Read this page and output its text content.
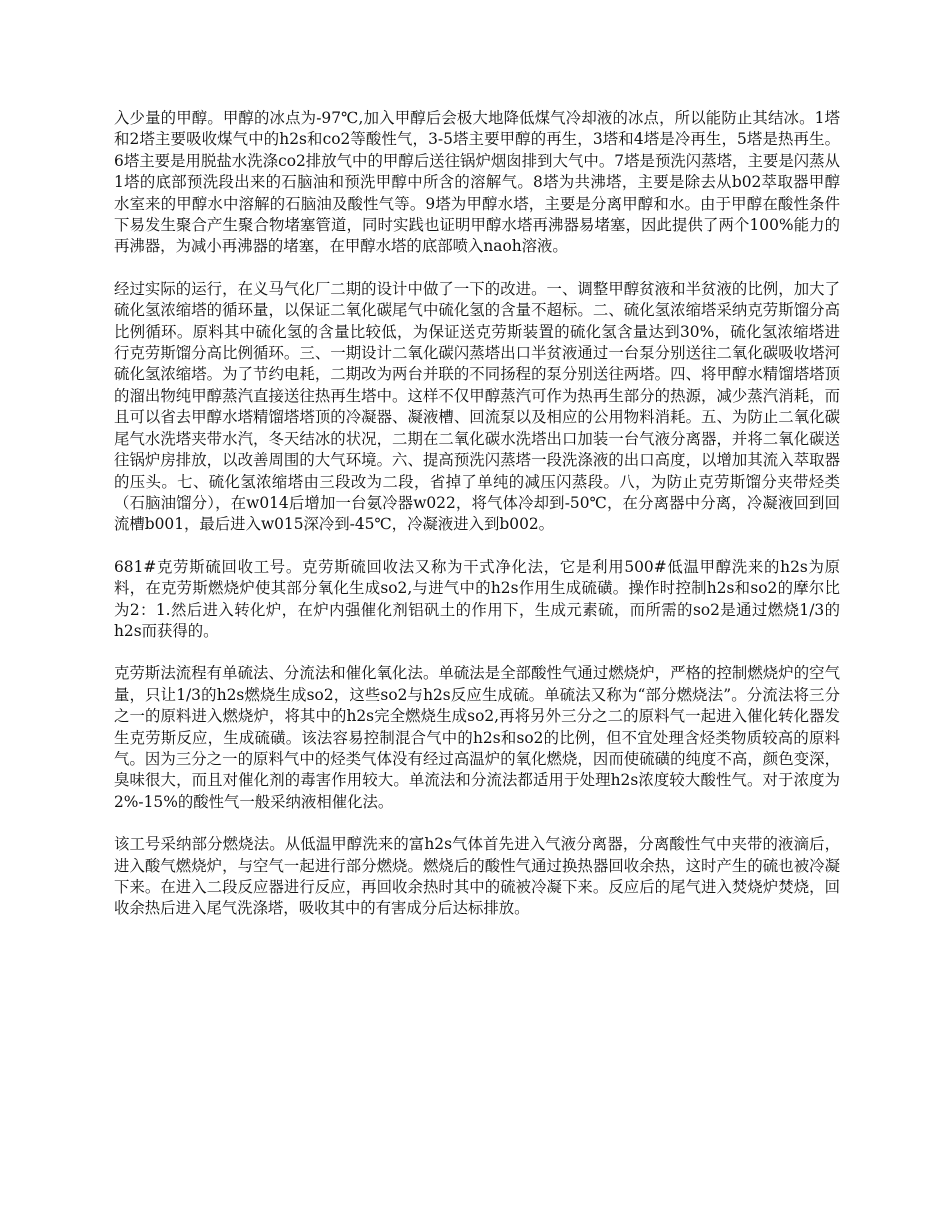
入少量的甲醇。甲醇的冰点为-97℃,加入甲醇后会极大地降低煤气冷却液的冰点，所以能防止其结冰。1塔和2塔主要吸收煤气中的h2s和co2等酸性气，3-5塔主要甲醇的再生，3塔和4塔是冷再生，5塔是热再生。6塔主要是用脱盐水洗涤co2排放气中的甲醇后送往锅炉烟囱排到大气中。7塔是预洗闪蒸塔，主要是闪蒸从1塔的底部预洗段出来的石脑油和预洗甲醇中所含的溶解气。8塔为共沸塔，主要是除去从b02萃取器甲醇水室来的甲醇水中溶解的石脑油及酸性气等。9塔为甲醇水塔，主要是分离甲醇和水。由于甲醇在酸性条件下易发生聚合产生聚合物堵塞管道，同时实践也证明甲醇水塔再沸器易堵塞，因此提供了两个100%能力的再沸器，为减小再沸器的堵塞，在甲醇水塔的底部喷入naoh溶液。

经过实际的运行，在义马气化厂二期的设计中做了一下的改进。一、调整甲醇贫液和半贫液的比例，加大了硫化氢浓缩塔的循环量，以保证二氧化碳尾气中硫化氢的含量不超标。二、硫化氢浓缩塔采纳克劳斯馏分高比例循环。原料其中硫化氢的含量比较低，为保证送克劳斯装置的硫化氢含量达到30%，硫化氢浓缩塔进行克劳斯馏分高比例循环。三、一期设计二氧化碳闪蒸塔出口半贫液通过一台泵分别送往二氧化碳吸收塔河硫化氢浓缩塔。为了节约电耗，二期改为两台并联的不同扬程的泵分别送往两塔。四、将甲醇水精馏塔塔顶的溜出物纯甲醇蒸汽直接送往热再生塔中。这样不仅甲醇蒸汽可作为热再生部分的热源，减少蒸汽消耗，而且可以省去甲醇水塔精馏塔塔顶的冷凝器、凝液槽、回流泵以及相应的公用物料消耗。五、为防止二氧化碳尾气水洗塔夹带水汽，冬天结冰的状况，二期在二氧化碳水洗塔出口加装一台气液分离器，并将二氧化碳送往锅炉房排放，以改善周围的大气环境。六、提高预洗闪蒸塔一段洗涤液的出口高度，以增加其流入萃取器的压头。七、硫化氢浓缩塔由三段改为二段，省掉了单纯的减压闪蒸段。八，为防止克劳斯馏分夹带烃类（石脑油馏分），在w014后增加一台氨冷器w022，将气体冷却到-50℃，在分离器中分离，冷凝液回到回流槽b001，最后进入w015深冷到-45℃，冷凝液进入到b002。

681#克劳斯硫回收工号。克劳斯硫回收法又称为干式净化法，它是利用500#低温甲醇洗来的h2s为原料，在克劳斯燃烧炉使其部分氧化生成so2,与进气中的h2s作用生成硫磺。操作时控制h2s和so2的摩尔比为2：1.然后进入转化炉，在炉内强催化剂铝矾土的作用下，生成元素硫，而所需的so2是通过燃烧1/3的h2s而获得的。

克劳斯法流程有单硫法、分流法和催化氧化法。单硫法是全部酸性气通过燃烧炉，严格的控制燃烧炉的空气量，只让1/3的h2s燃烧生成so2，这些so2与h2s反应生成硫。单硫法又称为“部分燃烧法”。分流法将三分之一的原料进入燃烧炉，将其中的h2s完全燃烧生成so2,再将另外三分之二的原料气一起进入催化转化器发生克劳斯反应，生成硫磺。该法容易控制混合气中的h2s和so2的比例，但不宜处理含烃类物质较高的原料气。因为三分之一的原料气中的烃类气体没有经过高温炉的氧化燃烧，因而使硫磺的纯度不高，颜色变深，臭味很大，而且对催化剂的毒害作用较大。单流法和分流法都适用于处理h2s浓度较大酸性气。对于浓度为2%-15%的酸性气一般采纳液相催化法。

该工号采纳部分燃烧法。从低温甲醇洗来的富h2s气体首先进入气液分离器，分离酸性气中夹带的液滴后，进入酸气燃烧炉，与空气一起进行部分燃烧。燃烧后的酸性气通过换热器回收余热，这时产生的硫也被冷凝下来。在进入二段反应器进行反应，再回收余热时其中的硫被冷凝下来。反应后的尾气进入焚烧炉焚烧，回收余热后进入尾气洗涤塔，吸收其中的有害成分后达标排放。
